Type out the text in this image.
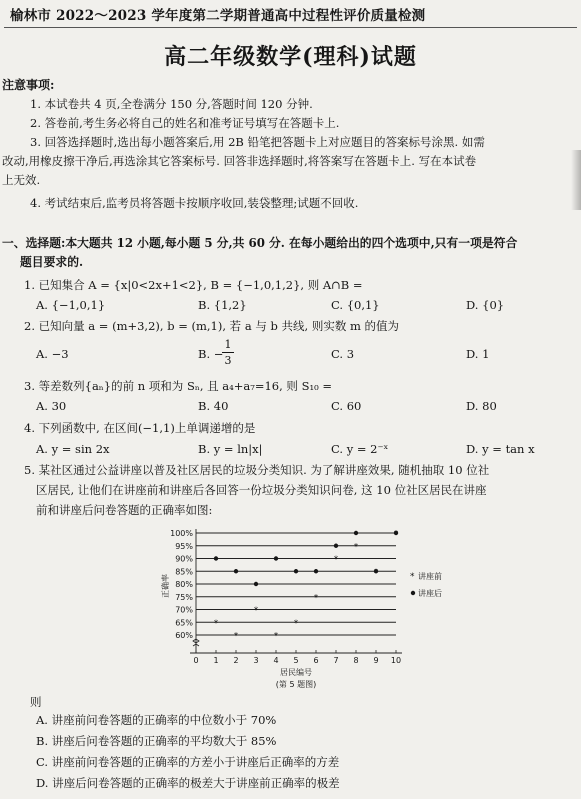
榆林市 2022～2023 学年度第二学期普通高中过程性评价质量检测
高二年级数学(理科)试题
注意事项:
1. 本试卷共 4 页,全卷满分 150 分,答题时间 120 分钟.
2. 答卷前,考生务必将自己的姓名和准考证号填写在答题卡上.
3. 回答选择题时,选出每小题答案后,用 2B 铅笔把答题卡上对应题目的答案标号涂黑. 如需
改动,用橡皮擦干净后,再选涂其它答案标号. 回答非选择题时,将答案写在答题卡上. 写在本试卷
上无效.
4. 考试结束后,监考员将答题卡按顺序收回,装袋整理;试题不回收.
一、选择题:本大题共 12 小题,每小题 5 分,共 60 分. 在每小题给出的四个选项中,只有一项是符合
题目要求的.
1. 已知集合 A = {x|0<2x+1<2}, B = {−1,0,1,2}, 则 A∩B =
A. {−1,0,1}	B. {1,2}	C. {0,1}	D. {0}
2. 已知向量 a = (m+3,2), b = (m,1), 若 a 与 b 共线, 则实数 m 的值为
A. −3	B. −
1
3	C. 3	D. 1
3. 等差数列{aₙ}的前 n 项和为 Sₙ, 且 a₄+a₇=16, 则 S₁₀ =
A. 30	B. 40	C. 60	D. 80
4. 下列函数中, 在区间(−1,1)上单调递增的是
A. y = sin 2x	B. y = ln|x|	C. y = 2⁻ˣ	D. y = tan x
5. 某社区通过公益讲座以普及社区居民的垃圾分类知识. 为了解讲座效果, 随机抽取 10 位社
区居民, 让他们在讲座前和讲座后各回答一份垃圾分类知识问卷, 这 10 位社区居民在讲座
前和讲座后问卷答题的正确率如图:
60%
65%
70%
75%
80%
85%
90%
95%
100%
0 1 2 3 4 5 6 7 8 9 10
居民编号
(第 5 题图)
正确率
*
*
*
*
*
*
*
*
* 讲座前
讲座后
则
A. 讲座前问卷答题的正确率的中位数小于 70%
B. 讲座后问卷答题的正确率的平均数大于 85%
C. 讲座前问卷答题的正确率的方差小于讲座后正确率的方差
D. 讲座后问卷答题的正确率的极差大于讲座前正确率的极差
